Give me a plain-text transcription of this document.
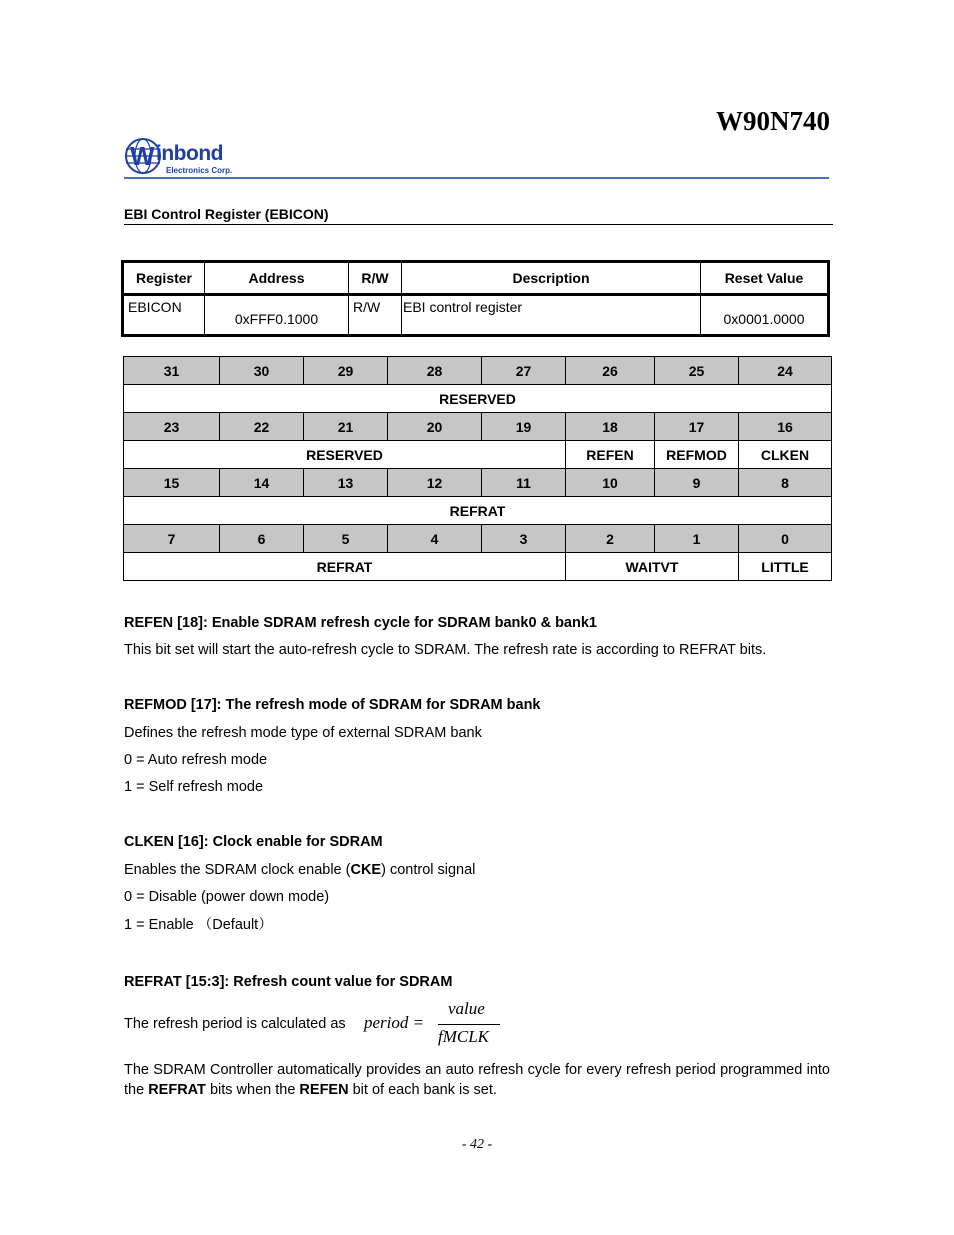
W90N740
W inbond
Electronics Corp.
EBI Control Register (EBICON)
Register	Address	R/W	Description	Reset Value
EBICON	0xFFF0.1000	R/W	EBI control register	0x0001.0000
31	30	29	28	27	26	25	24
RESERVED							
23	22	21	20	19	18	17	16
RESERVED					REFEN	REFMOD	CLKEN
15	14	13	12	11	10	9	8
REFRAT							
7	6	5	4	3	2	1	0
REFRAT					WAITVT		LITTLE
REFEN [18]: Enable SDRAM refresh cycle for SDRAM bank0 & bank1
This bit set will start the auto-refresh cycle to SDRAM. The refresh rate is according to REFRAT bits.
REFMOD [17]: The refresh mode of SDRAM for SDRAM bank
Defines the refresh mode type of external SDRAM bank
0 = Auto refresh mode
1 = Self refresh mode
CLKEN [16]: Clock enable for SDRAM
Enables the SDRAM clock enable (CKE) control signal
0 = Disable (power down mode)
1 = Enable （Default）
REFRAT [15:3]: Refresh count value for SDRAM
The refresh period is calculated as period =
value
fMCLK
The SDRAM Controller automatically provides an auto refresh cycle for every refresh period programmed into the REFRAT bits when the REFEN bit of each bank is set.
- 42 -
